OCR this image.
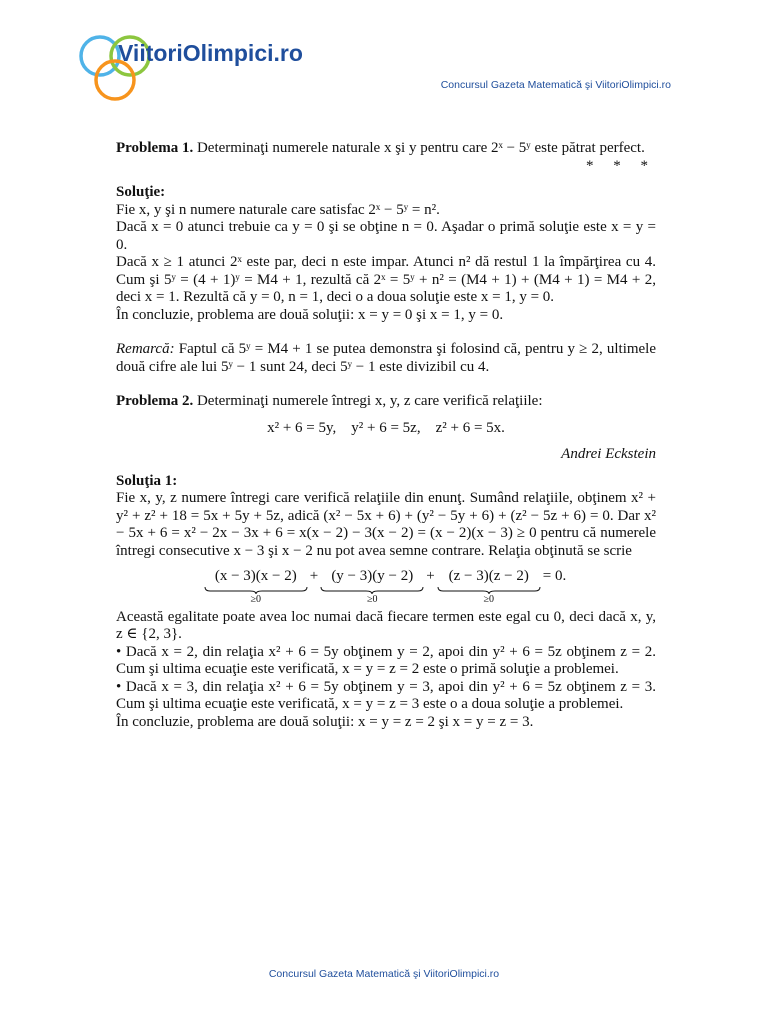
ViitoriOlimpici.ro
Concursul Gazeta Matematică şi ViitoriOlimpici.ro

Problema 1. Determinaţi numerele naturale x şi y pentru care 2ˣ − 5ʸ este pătrat perfect.

* * *

Soluţie:

Fie x, y şi n numere naturale care satisfac 2ˣ − 5ʸ = n².

Dacă x = 0 atunci trebuie ca y = 0 şi se obţine n = 0. Aşadar o primă soluţie este x = y = 0.

Dacă x ≥ 1 atunci 2ˣ este par, deci n este impar. Atunci n² dă restul 1 la împărţirea cu 4. Cum şi 5ʸ = (4 + 1)ʸ = M4 + 1, rezultă că 2ˣ = 5ʸ + n² = (M4 + 1) + (M4 + 1) = M4 + 2, deci x = 1. Rezultă că y = 0, n = 1, deci o a doua soluţie este x = 1, y = 0.

În concluzie, problema are două soluţii: x = y = 0 şi x = 1, y = 0.

Remarcă: Faptul că 5ʸ = M4 + 1 se putea demonstra şi folosind că, pentru y ≥ 2, ultimele două cifre ale lui 5ʸ − 1 sunt 24, deci 5ʸ − 1 este divizibil cu 4.

Problema 2. Determinaţi numerele întregi x, y, z care verifică relaţiile:

x² + 6 = 5y,    y² + 6 = 5z,    z² + 6 = 5x.

Andrei Eckstein

Soluţia 1:

Fie x, y, z numere întregi care verifică relaţiile din enunţ. Sumând relaţiile, obţinem x² + y² + z² + 18 = 5x + 5y + 5z, adică (x² − 5x + 6) + (y² − 5y + 6) + (z² − 5z + 6) = 0. Dar x² − 5x + 6 = x² − 2x − 3x + 6 = x(x − 2) − 3(x − 2) = (x − 2)(x − 3) ≥ 0 pentru că numerele întregi consecutive x − 3 şi x − 2 nu pot avea semne contrare. Relaţia obţinută se scrie

(x − 3)(x − 2)
≥0
+ (y − 3)(y − 2)
≥0
+ (z − 3)(z − 2)
≥0
= 0.

Această egalitate poate avea loc numai dacă fiecare termen este egal cu 0, deci dacă x, y, z ∈ {2, 3}.

• Dacă x = 2, din relaţia x² + 6 = 5y obţinem y = 2, apoi din y² + 6 = 5z obţinem z = 2. Cum şi ultima ecuaţie este verificată, x = y = z = 2 este o primă soluţie a problemei.

• Dacă x = 3, din relaţia x² + 6 = 5y obţinem y = 3, apoi din y² + 6 = 5z obţinem z = 3. Cum şi ultima ecuaţie este verificată, x = y = z = 3 este o a doua soluţie a problemei.

În concluzie, problema are două soluţii: x = y = z = 2 şi x = y = z = 3.

Concursul Gazeta Matematică şi ViitoriOlimpici.ro
